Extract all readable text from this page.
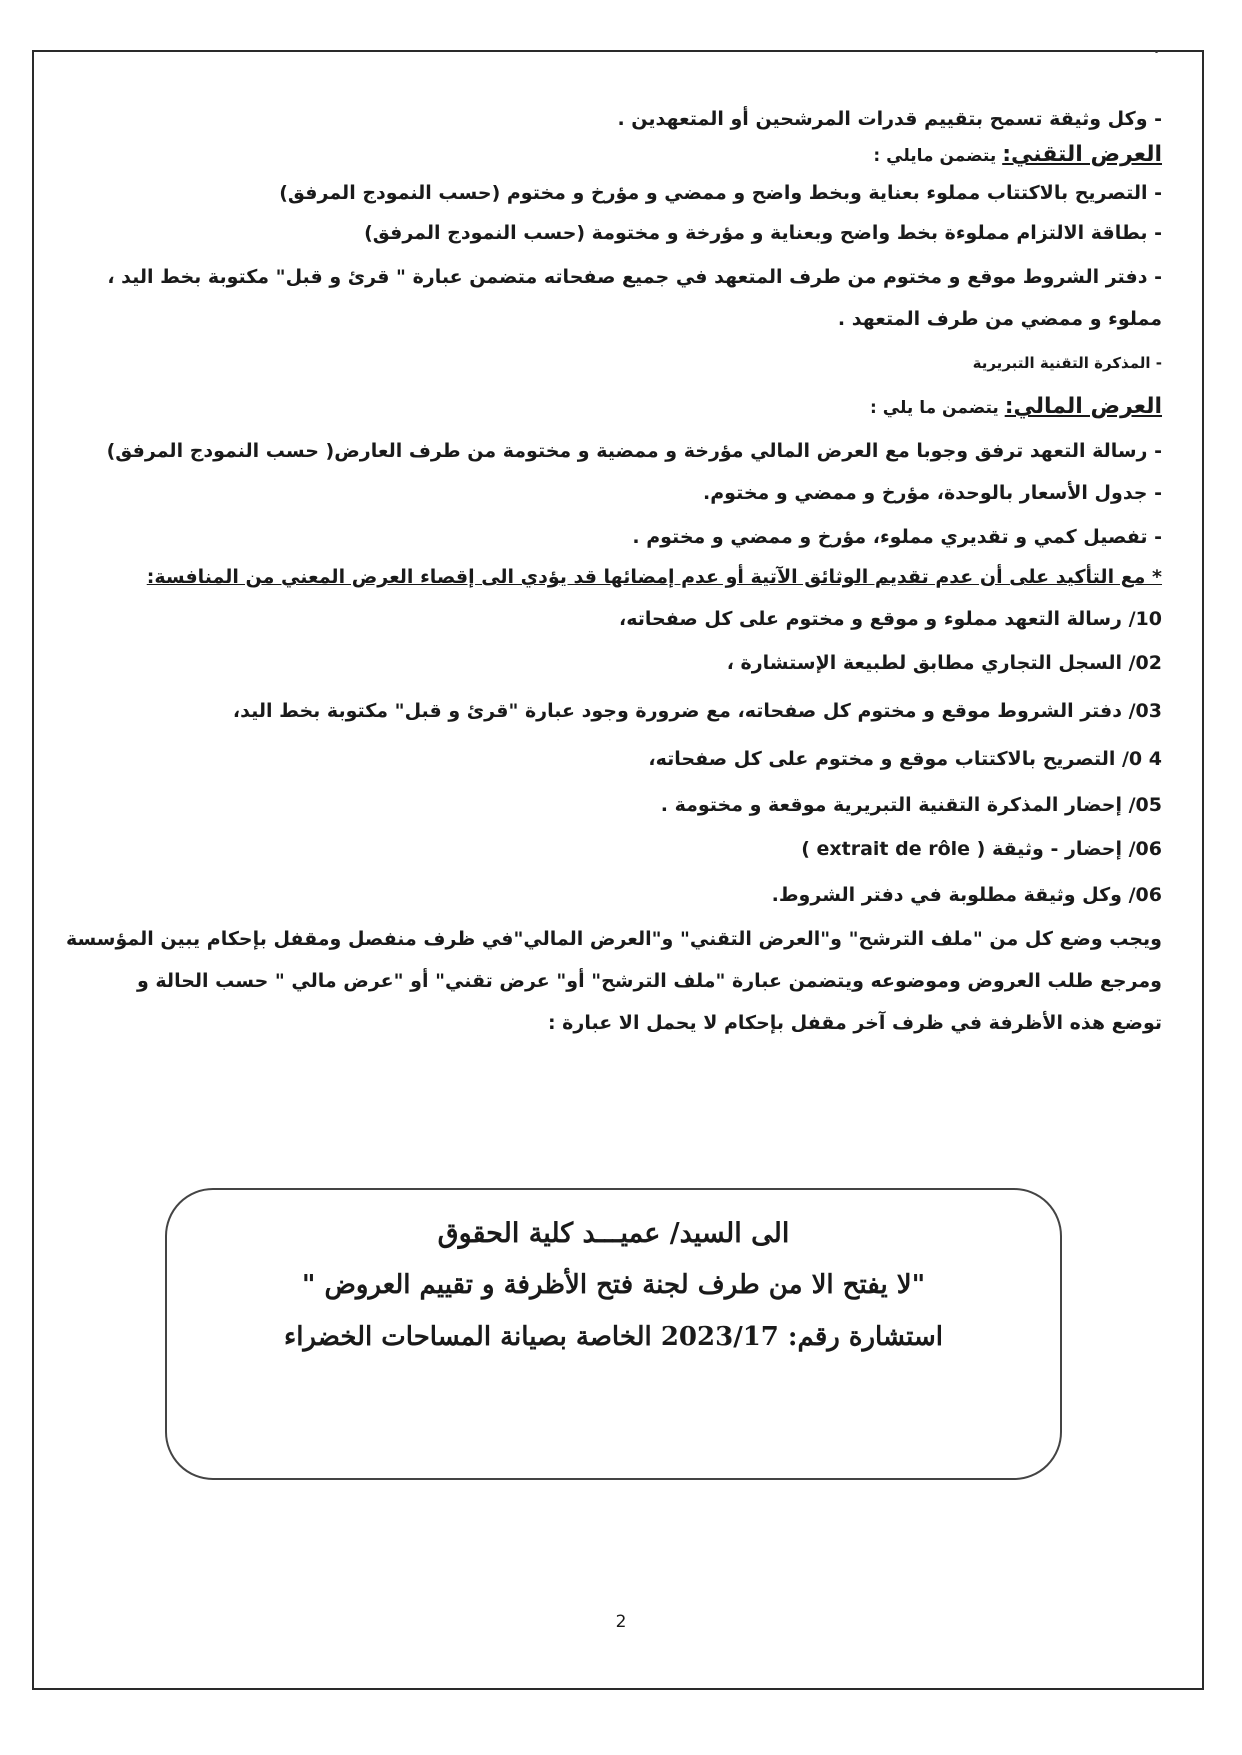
- وكل وثيقة تسمح بتقييم قدرات المرشحين أو المتعهدين .
العرض التقني: يتضمن مايلي :
- التصريح بالاكتتاب مملوء بعناية وبخط واضح و ممضي و مؤرخ و مختوم (حسب النمودج المرفق)
- بطاقة الالتزام مملوءة بخط واضح وبعناية و مؤرخة و مختومة (حسب النمودج المرفق)
- دفتر الشروط موقع و مختوم من طرف المتعهد في جميع صفحاته متضمن عبارة " قرئ و قبل" مكتوبة بخط اليد ،
مملوء و ممضي من طرف المتعهد .
- المذكرة التقنية التبريرية
العرض المالي: يتضمن ما يلي :
- رسالة التعهد ترفق وجوبا مع العرض المالي مؤرخة و ممضية و مختومة من طرف العارض( حسب النمودج المرفق)
- جدول الأسعار بالوحدة، مؤرخ و ممضي و مختوم.
- تفصيل كمي و تقديري مملوء، مؤرخ و ممضي و مختوم .
* مع التأكيد على أن عدم تقديم الوثائق الآتية أو عدم إمضائها قد يؤدي الى إقصاء العرض المعني من المنافسة:
10/ رسالة التعهد مملوء و موقع و مختوم على كل صفحاته،
02/ السجل التجاري مطابق لطبيعة الإستشارة ،
03/ دفتر الشروط موقع و مختوم كل صفحاته، مع ضرورة وجود عبارة "قرئ و قبل" مكتوبة بخط اليد،
4 0/ التصريح بالاكتتاب موقع و مختوم على كل صفحاته،
05/ إحضار المذكرة التقنية التبريرية موقعة و مختومة .
06/ إحضار - وثيقة ( extrait de rôle )
06/ وكل وثيقة مطلوبة في دفتر الشروط.
ويجب وضع كل من "ملف الترشح" و"العرض التقني" و"العرض المالي"في ظرف منفصل ومقفل بإحكام يبين المؤسسة
ومرجع طلب العروض وموضوعه ويتضمن عبارة "ملف الترشح" أو" عرض تقني" أو "عرض مالي " حسب الحالة و
توضع هذه الأظرفة في ظرف آخر مقفل بإحكام لا يحمل الا عبارة :
الى السيد/ عميـــد كلية الحقوق
"لا يفتح الا من طرف لجنة فتح الأظرفة و تقييم العروض "
استشارة رقم: 2023/17 الخاصة بصيانة المساحات الخضراء
2
